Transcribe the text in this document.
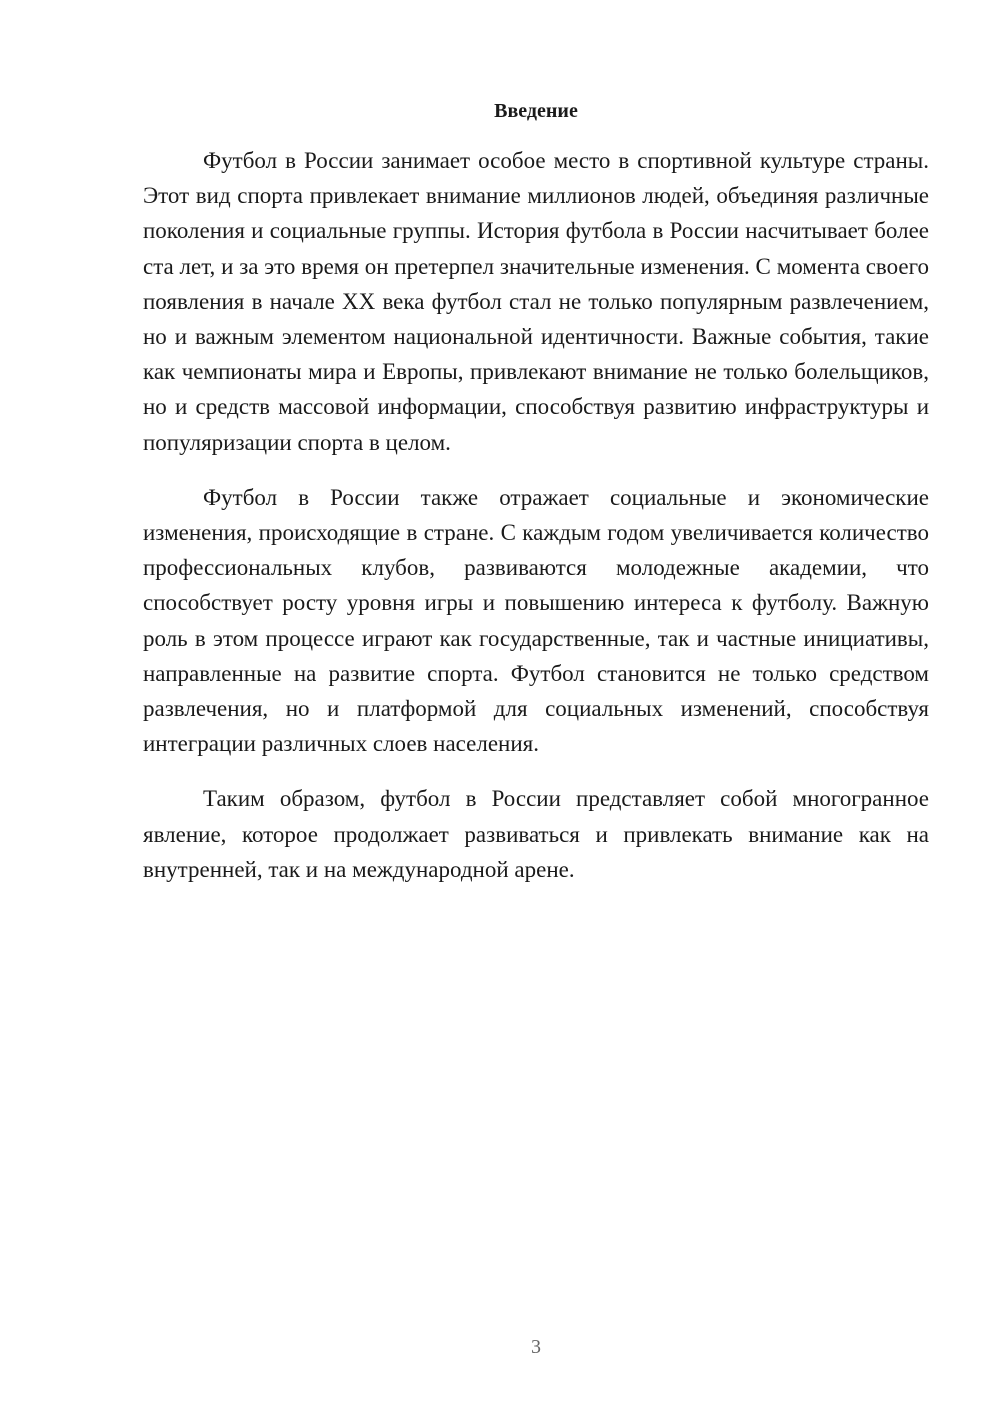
Введение

Футбол в России занимает особое место в спортивной культуре страны. Этот вид спорта привлекает внимание миллионов людей, объединяя различные поколения и социальные группы. История футбола в России насчитывает более ста лет, и за это время он претерпел значительные изменения. С момента своего появления в начале XX века футбол стал не только популярным развлечением, но и важным элементом национальной идентичности. Важные события, такие как чемпионаты мира и Европы, привлекают внимание не только болельщиков, но и средств массовой информации, способствуя развитию инфраструктуры и популяризации спорта в целом.

Футбол в России также отражает социальные и экономические изменения, происходящие в стране. С каждым годом увеличивается количество профессиональных клубов, развиваются молодежные академии, что способствует росту уровня игры и повышению интереса к футболу. Важную роль в этом процессе играют как государственные, так и частные инициативы, направленные на развитие спорта. Футбол становится не только средством развлечения, но и платформой для социальных изменений, способствуя интеграции различных слоев населения.

Таким образом, футбол в России представляет собой многогранное явление, которое продолжает развиваться и привлекать внимание как на внутренней, так и на международной арене.

3
